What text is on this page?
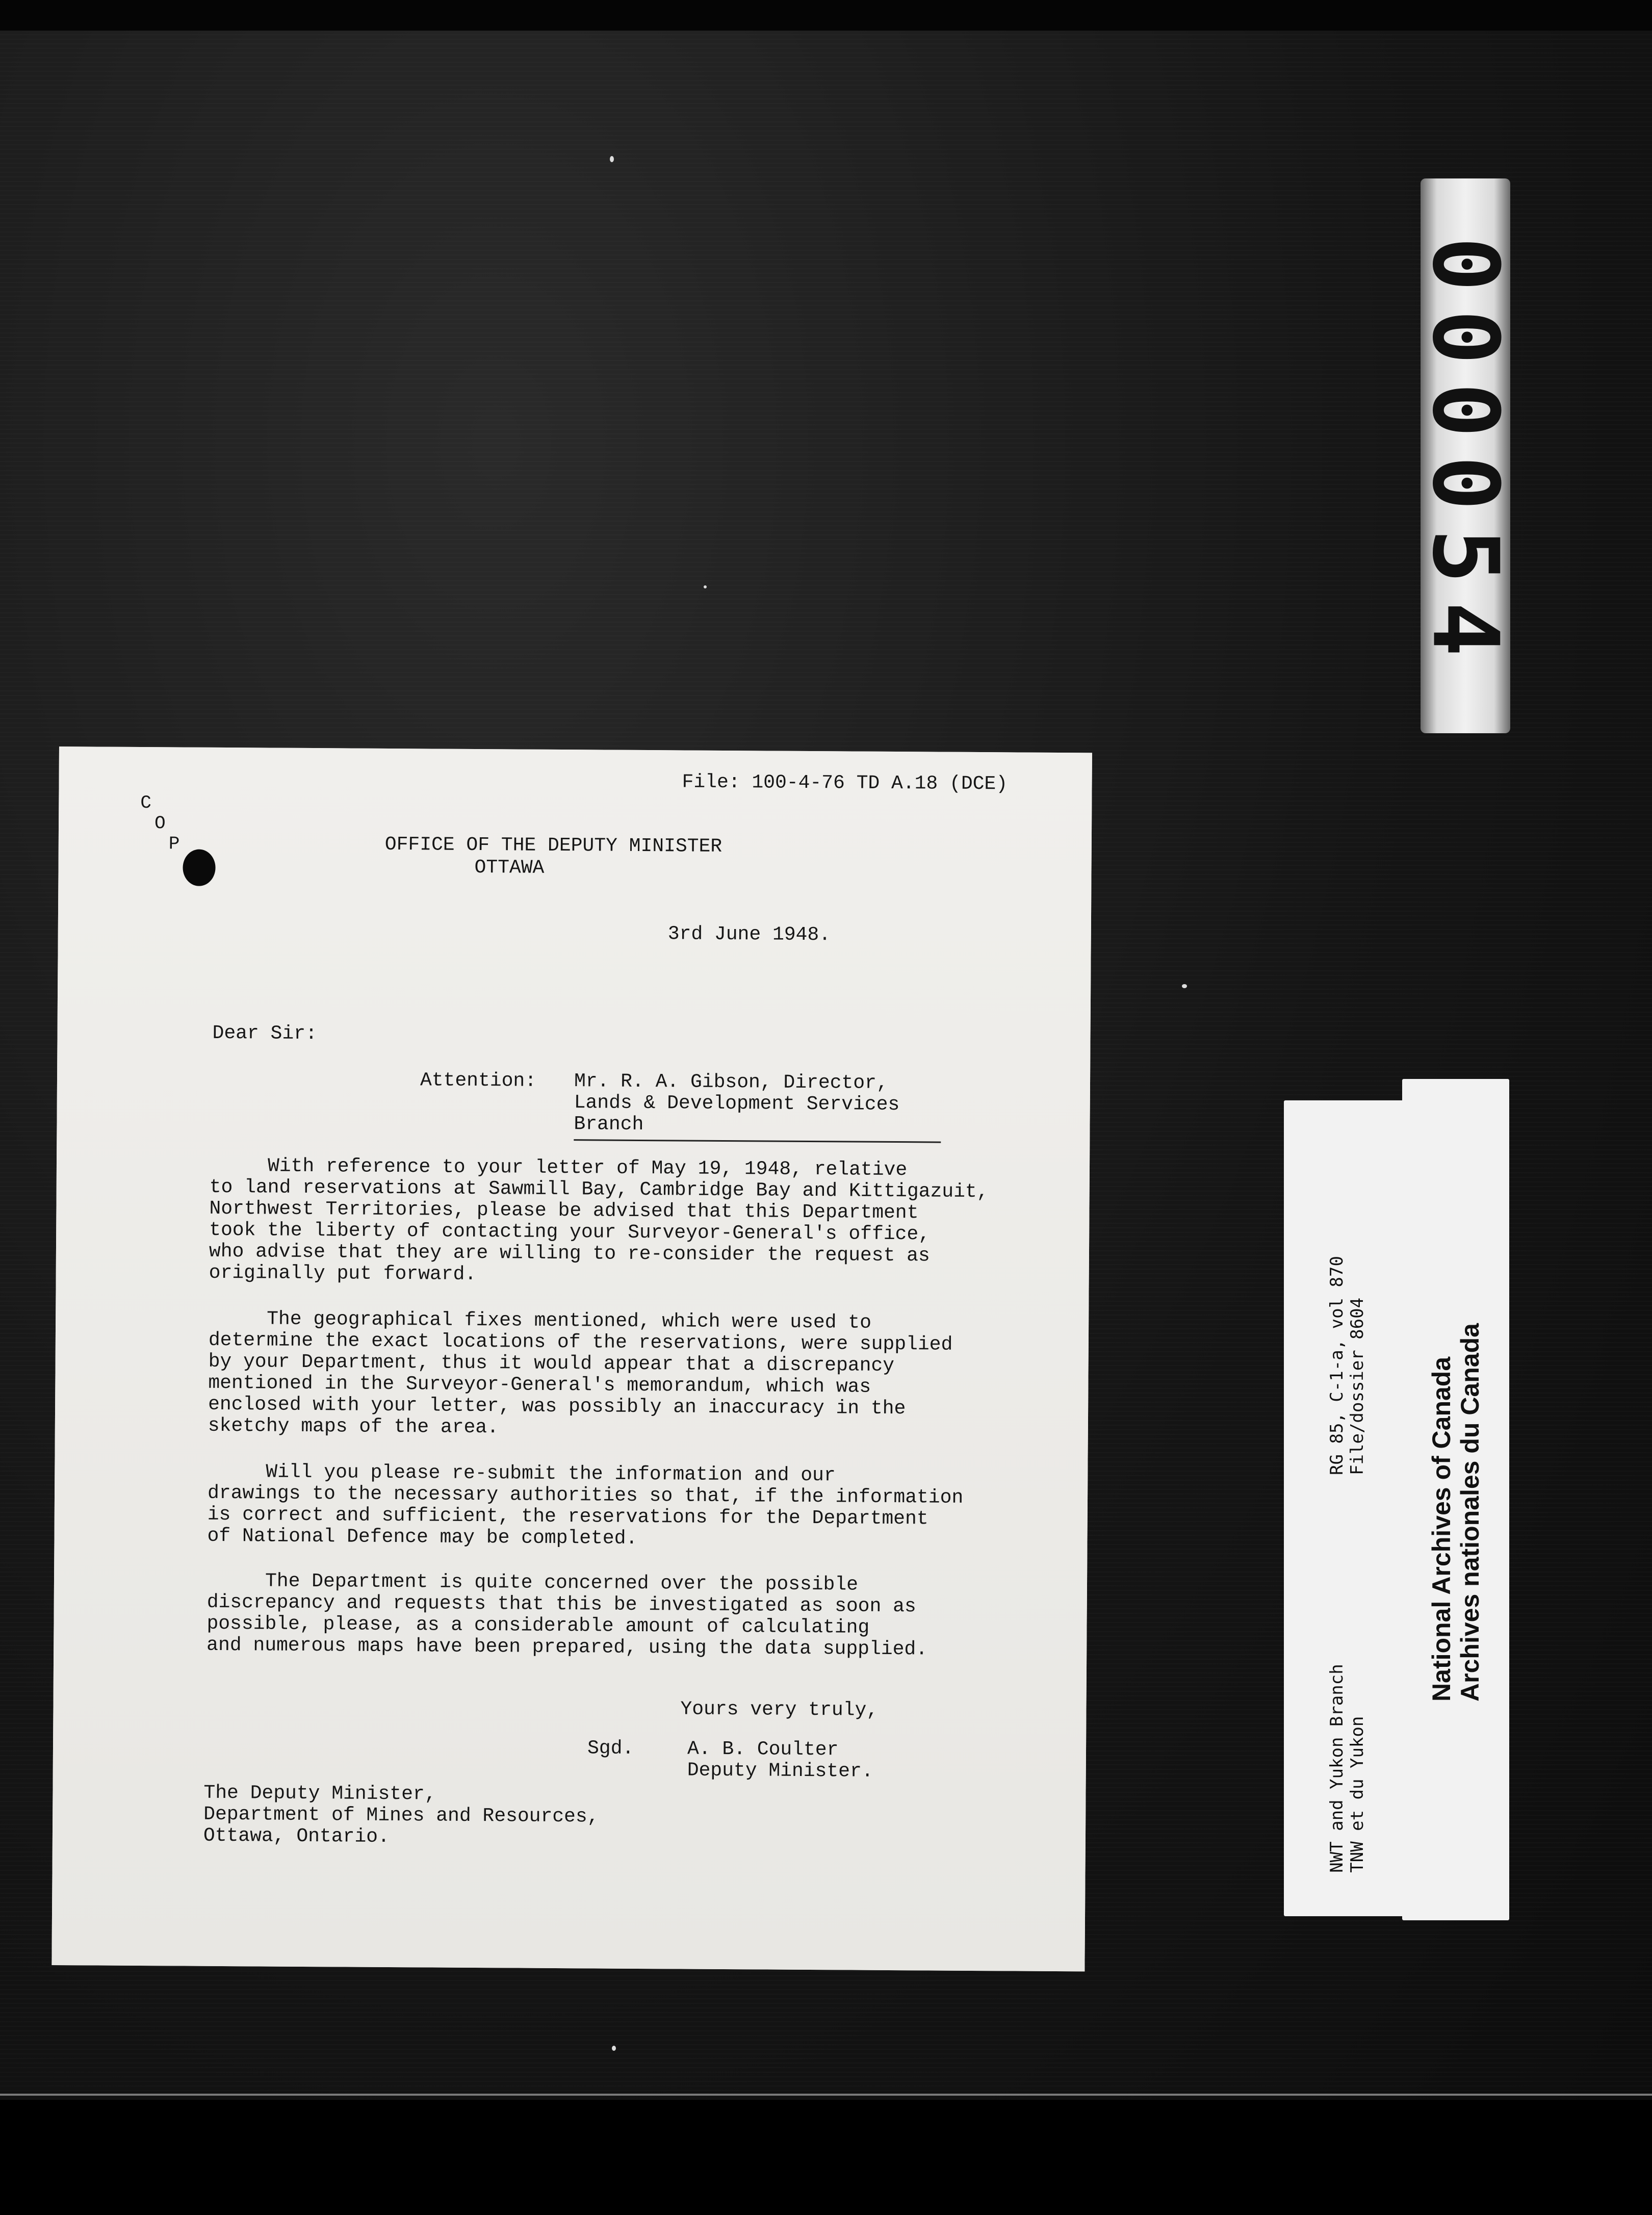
000054
RG 85, C-1-a, vol 870 File/dossier 8604
NWT and Yukon Branch TNW et du Yukon
National Archives of Canada Archives nationales du Canada
File: 100-4-76 TD A.18 (DCE)
C
O
P	OFFICE OF THE DEPUTY MINISTER
OTTAWA
3rd June 1948.
Dear Sir:
Attention: Mr. R. A. Gibson, Director,
Lands & Development Services
Branch
With reference to your letter of May 19, 1948, relative
to land reservations at Sawmill Bay, Cambridge Bay and Kittigazuit,
Northwest Territories, please be advised that this Department
took the liberty of contacting your Surveyor-General's office,
who advise that they are willing to re-consider the request as
originally put forward.
The geographical fixes mentioned, which were used to
determine the exact locations of the reservations, were supplied
by your Department, thus it would appear that a discrepancy
mentioned in the Surveyor-General's memorandum, which was
enclosed with your letter, was possibly an inaccuracy in the
sketchy maps of the area.
Will you please re-submit the information and our
drawings to the necessary authorities so that, if the information
is correct and sufficient, the reservations for the Department
of National Defence may be completed.
The Department is quite concerned over the possible
discrepancy and requests that this be investigated as soon as
possible, please, as a considerable amount of calculating
and numerous maps have been prepared, using the data supplied.
Yours very truly,
Sgd.	A. B. Coulter
Deputy Minister.
The Deputy Minister,
Department of Mines and Resources,
Ottawa, Ontario.
